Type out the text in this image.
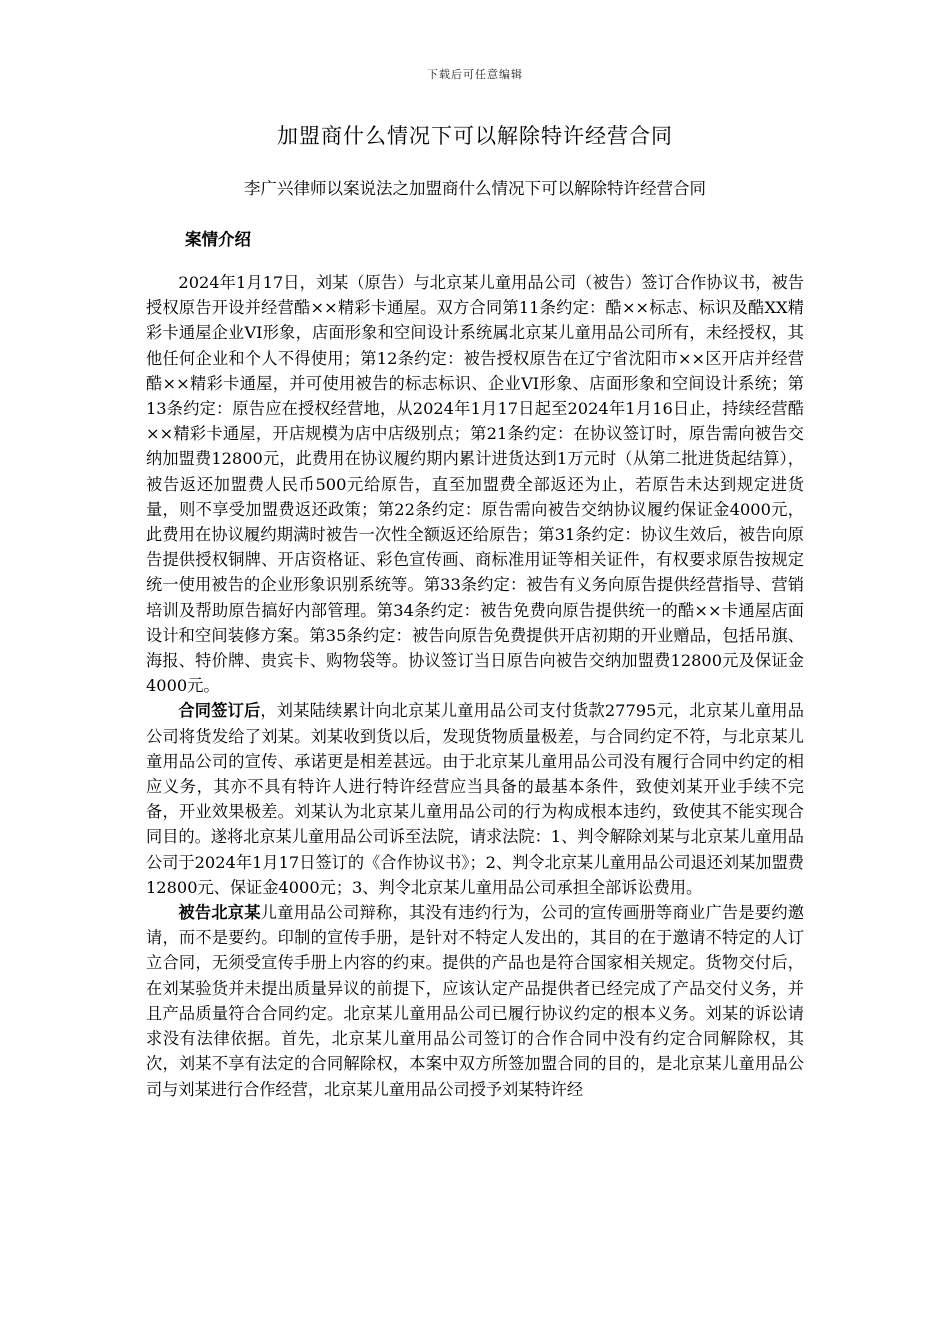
下载后可任意编辑
加盟商什么情况下可以解除特许经营合同
李广兴律师以案说法之加盟商什么情况下可以解除特许经营合同
案情介绍

2024年1月17日，刘某（原告）与北京某儿童用品公司（被告）签订合作协议书，被告授权原告开设并经营酷××精彩卡通屋。双方合同第11条约定：酷××标志、标识及酷XX精彩卡通屋企业VI形象，店面形象和空间设计系统属北京某儿童用品公司所有，未经授权，其他任何企业和个人不得使用；第12条约定：被告授权原告在辽宁省沈阳市××区开店并经营酷××精彩卡通屋，并可使用被告的标志标识、企业VI形象、店面形象和空间设计系统；第13条约定：原告应在授权经营地，从2024年1月17日起至2024年1月16日止，持续经营酷××精彩卡通屋，开店规模为店中店级别点；第21条约定：在协议签订时，原告需向被告交纳加盟费12800元，此费用在协议履约期内累计进货达到1万元时（从第二批进货起结算），被告返还加盟费人民币500元给原告，直至加盟费全部返还为止，若原告未达到规定进货量，则不享受加盟费返还政策；第22条约定：原告需向被告交纳协议履约保证金4000元，此费用在协议履约期满时被告一次性全额返还给原告；第31条约定：协议生效后，被告向原告提供授权铜牌、开店资格证、彩色宣传画、商标准用证等相关证件，有权要求原告按规定统一使用被告的企业形象识别系统等。第33条约定：被告有义务向原告提供经营指导、营销培训及帮助原告搞好内部管理。第34条约定：被告免费向原告提供统一的酷××卡通屋店面设计和空间装修方案。第35条约定：被告向原告免费提供开店初期的开业赠品，包括吊旗、海报、特价牌、贵宾卡、购物袋等。协议签订当日原告向被告交纳加盟费12800元及保证金4000元。

合同签订后，刘某陆续累计向北京某儿童用品公司支付货款27795元，北京某儿童用品公司将货发给了刘某。刘某收到货以后，发现货物质量极差，与合同约定不符，与北京某儿童用品公司的宣传、承诺更是相差甚远。由于北京某儿童用品公司没有履行合同中约定的相应义务，其亦不具有特许人进行特许经营应当具备的最基本条件，致使刘某开业手续不完备，开业效果极差。刘某认为北京某儿童用品公司的行为构成根本违约，致使其不能实现合同目的。遂将北京某儿童用品公司诉至法院，请求法院：1、判令解除刘某与北京某儿童用品公司于2024年1月17日签订的《合作协议书》；2、判令北京某儿童用品公司退还刘某加盟费12800元、保证金4000元；3、判令北京某儿童用品公司承担全部诉讼费用。

被告北京某儿童用品公司辩称，其没有违约行为，公司的宣传画册等商业广告是要约邀请，而不是要约。印制的宣传手册，是针对不特定人发出的，其目的在于邀请不特定的人订立合同，无须受宣传手册上内容的约束。提供的产品也是符合国家相关规定。货物交付后，在刘某验货并未提出质量异议的前提下，应该认定产品提供者已经完成了产品交付义务，并且产品质量符合合同约定。北京某儿童用品公司已履行协议约定的根本义务。刘某的诉讼请求没有法律依据。首先，北京某儿童用品公司签订的合作合同中没有约定合同解除权，其次，刘某不享有法定的合同解除权，本案中双方所签加盟合同的目的，是北京某儿童用品公司与刘某进行合作经营，北京某儿童用品公司授予刘某特许经
